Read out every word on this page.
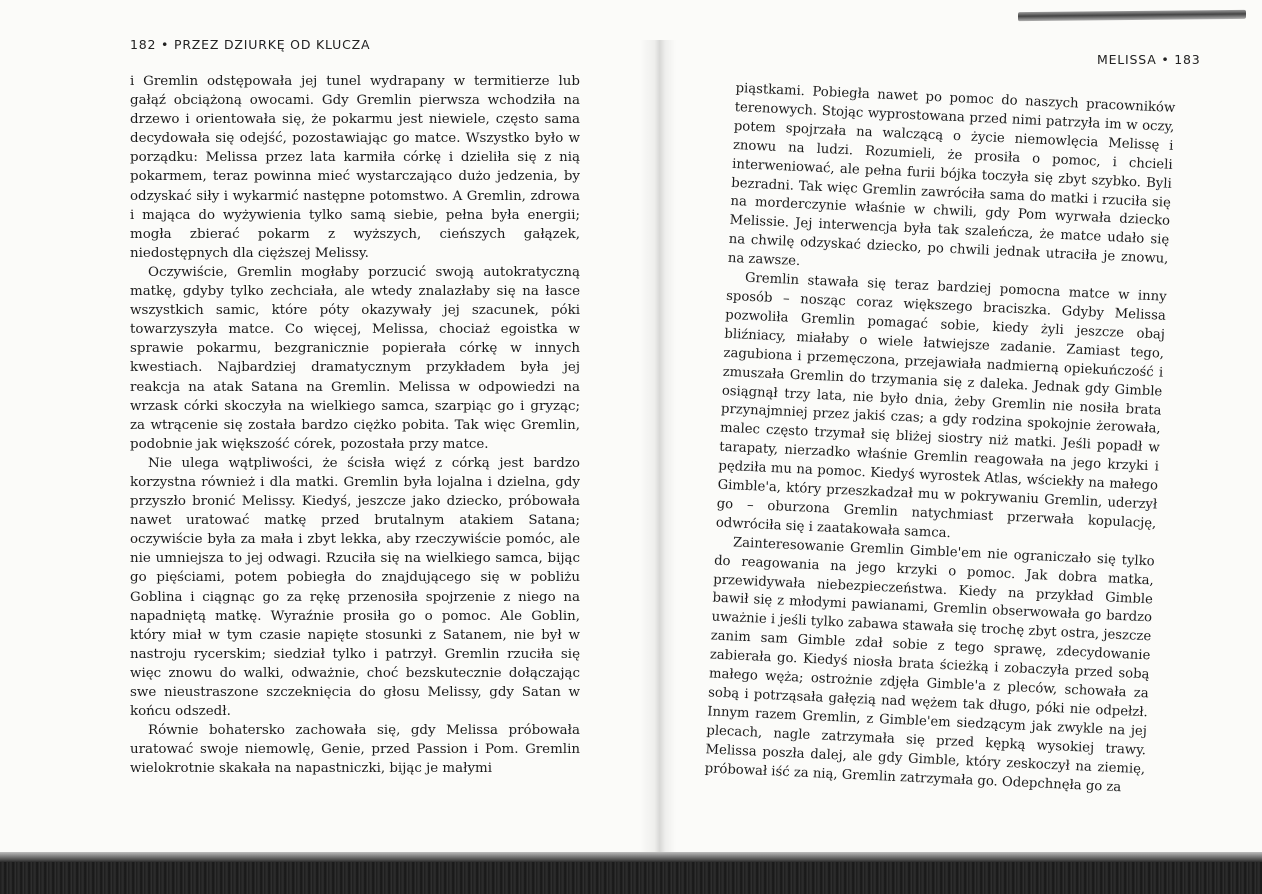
182 • PRZEZ DZIURKĘ OD KLUCZA

i Gremlin odstępowała jej tunel wydrapany w termitierze lub gałąź obciążoną owocami. Gdy Gremlin pierwsza wchodziła na drzewo i orientowała się, że pokarmu jest niewiele, często sama decydowała się odejść, pozostawiając go matce. Wszystko było w porządku: Melissa przez lata karmiła córkę i dzieliła się z nią pokarmem, teraz powinna mieć wystarczająco dużo jedzenia, by odzyskać siły i wykarmić następne potomstwo. A Gremlin, zdrowa i mająca do wyżywienia tylko samą siebie, pełna była energii; mogła zbierać pokarm z wyższych, cieńszych gałązek, niedostępnych dla cięższej Melissy.

Oczywiście, Gremlin mogłaby porzucić swoją autokratyczną matkę, gdyby tylko zechciała, ale wtedy znalazłaby się na łasce wszystkich samic, które póty okazywały jej szacunek, póki towarzyszyła matce. Co więcej, Melissa, chociaż egoistka w sprawie pokarmu, bezgranicznie popierała córkę w innych kwestiach. Najbardziej dramatycznym przykładem była jej reakcja na atak Satana na Gremlin. Melissa w odpowiedzi na wrzask córki skoczyła na wielkiego samca, szarpiąc go i gryząc; za wtrącenie się została bardzo ciężko pobita. Tak więc Gremlin, podobnie jak większość córek, pozostała przy matce.

Nie ulega wątpliwości, że ścisła więź z córką jest bardzo korzystna również i dla matki. Gremlin była lojalna i dzielna, gdy przyszło bronić Melissy. Kiedyś, jeszcze jako dziecko, próbowała nawet uratować matkę przed brutalnym atakiem Satana; oczywiście była za mała i zbyt lekka, aby rzeczywiście pomóc, ale nie umniejsza to jej odwagi. Rzuciła się na wielkiego samca, bijąc go pięściami, potem pobiegła do znajdującego się w pobliżu Goblina i ciągnąc go za rękę przenosiła spojrzenie z niego na napadniętą matkę. Wyraźnie prosiła go o pomoc. Ale Goblin, który miał w tym czasie napięte stosunki z Satanem, nie był w nastroju rycerskim; siedział tylko i patrzył. Gremlin rzuciła się więc znowu do walki, odważnie, choć bezskutecznie dołączając swe nieustraszone szczeknięcia do głosu Melissy, gdy Satan w końcu odszedł.

Równie bohatersko zachowała się, gdy Melissa próbowała uratować swoje niemowlę, Genie, przed Passion i Pom. Gremlin wielokrotnie skakała na napastniczki, bijąc je małymi

MELISSA • 183

piąstkami. Pobiegła nawet po pomoc do naszych pracowników terenowych. Stojąc wyprostowana przed nimi patrzyła im w oczy, potem spojrzała na walczącą o życie niemowlęcia Melissę i znowu na ludzi. Rozumieli, że prosiła o pomoc, i chcieli interweniować, ale pełna furii bójka toczyła się zbyt szybko. Byli bezradni. Tak więc Gremlin zawróciła sama do matki i rzuciła się na morderczynie właśnie w chwili, gdy Pom wyrwała dziecko Melissie. Jej interwencja była tak szaleńcza, że matce udało się na chwilę odzyskać dziecko, po chwili jednak utraciła je znowu, na zawsze.

Gremlin stawała się teraz bardziej pomocna matce w inny sposób – nosząc coraz większego braciszka. Gdyby Melissa pozwoliła Gremlin pomagać sobie, kiedy żyli jeszcze obaj bliźniacy, miałaby o wiele łatwiejsze zadanie. Zamiast tego, zagubiona i przemęczona, przejawiała nadmierną opiekuńczość i zmuszała Gremlin do trzymania się z daleka. Jednak gdy Gimble osiągnął trzy lata, nie było dnia, żeby Gremlin nie nosiła brata przynajmniej przez jakiś czas; a gdy rodzina spokojnie żerowała, malec często trzymał się bliżej siostry niż matki. Jeśli popadł w tarapaty, nierzadko właśnie Gremlin reagowała na jego krzyki i pędziła mu na pomoc. Kiedyś wyrostek Atlas, wściekły na małego Gimble'a, który przeszkadzał mu w pokrywaniu Gremlin, uderzył go – oburzona Gremlin natychmiast przerwała kopulację, odwróciła się i zaatakowała samca.

Zainteresowanie Gremlin Gimble'em nie ograniczało się tylko do reagowania na jego krzyki o pomoc. Jak dobra matka, przewidywała niebezpieczeństwa. Kiedy na przykład Gimble bawił się z młodymi pawianami, Gremlin obserwowała go bardzo uważnie i jeśli tylko zabawa stawała się trochę zbyt ostra, jeszcze zanim sam Gimble zdał sobie z tego sprawę, zdecydowanie zabierała go. Kiedyś niosła brata ścieżką i zobaczyła przed sobą małego węża; ostrożnie zdjęła Gimble'a z pleców, schowała za sobą i potrząsała gałęzią nad wężem tak długo, póki nie odpełzł. Innym razem Gremlin, z Gimble'em siedzącym jak zwykle na jej plecach, nagle zatrzymała się przed kępką wysokiej trawy. Melissa poszła dalej, ale gdy Gimble, który zeskoczył na ziemię, próbował iść za nią, Gremlin zatrzymała go. Odepchnęła go za
